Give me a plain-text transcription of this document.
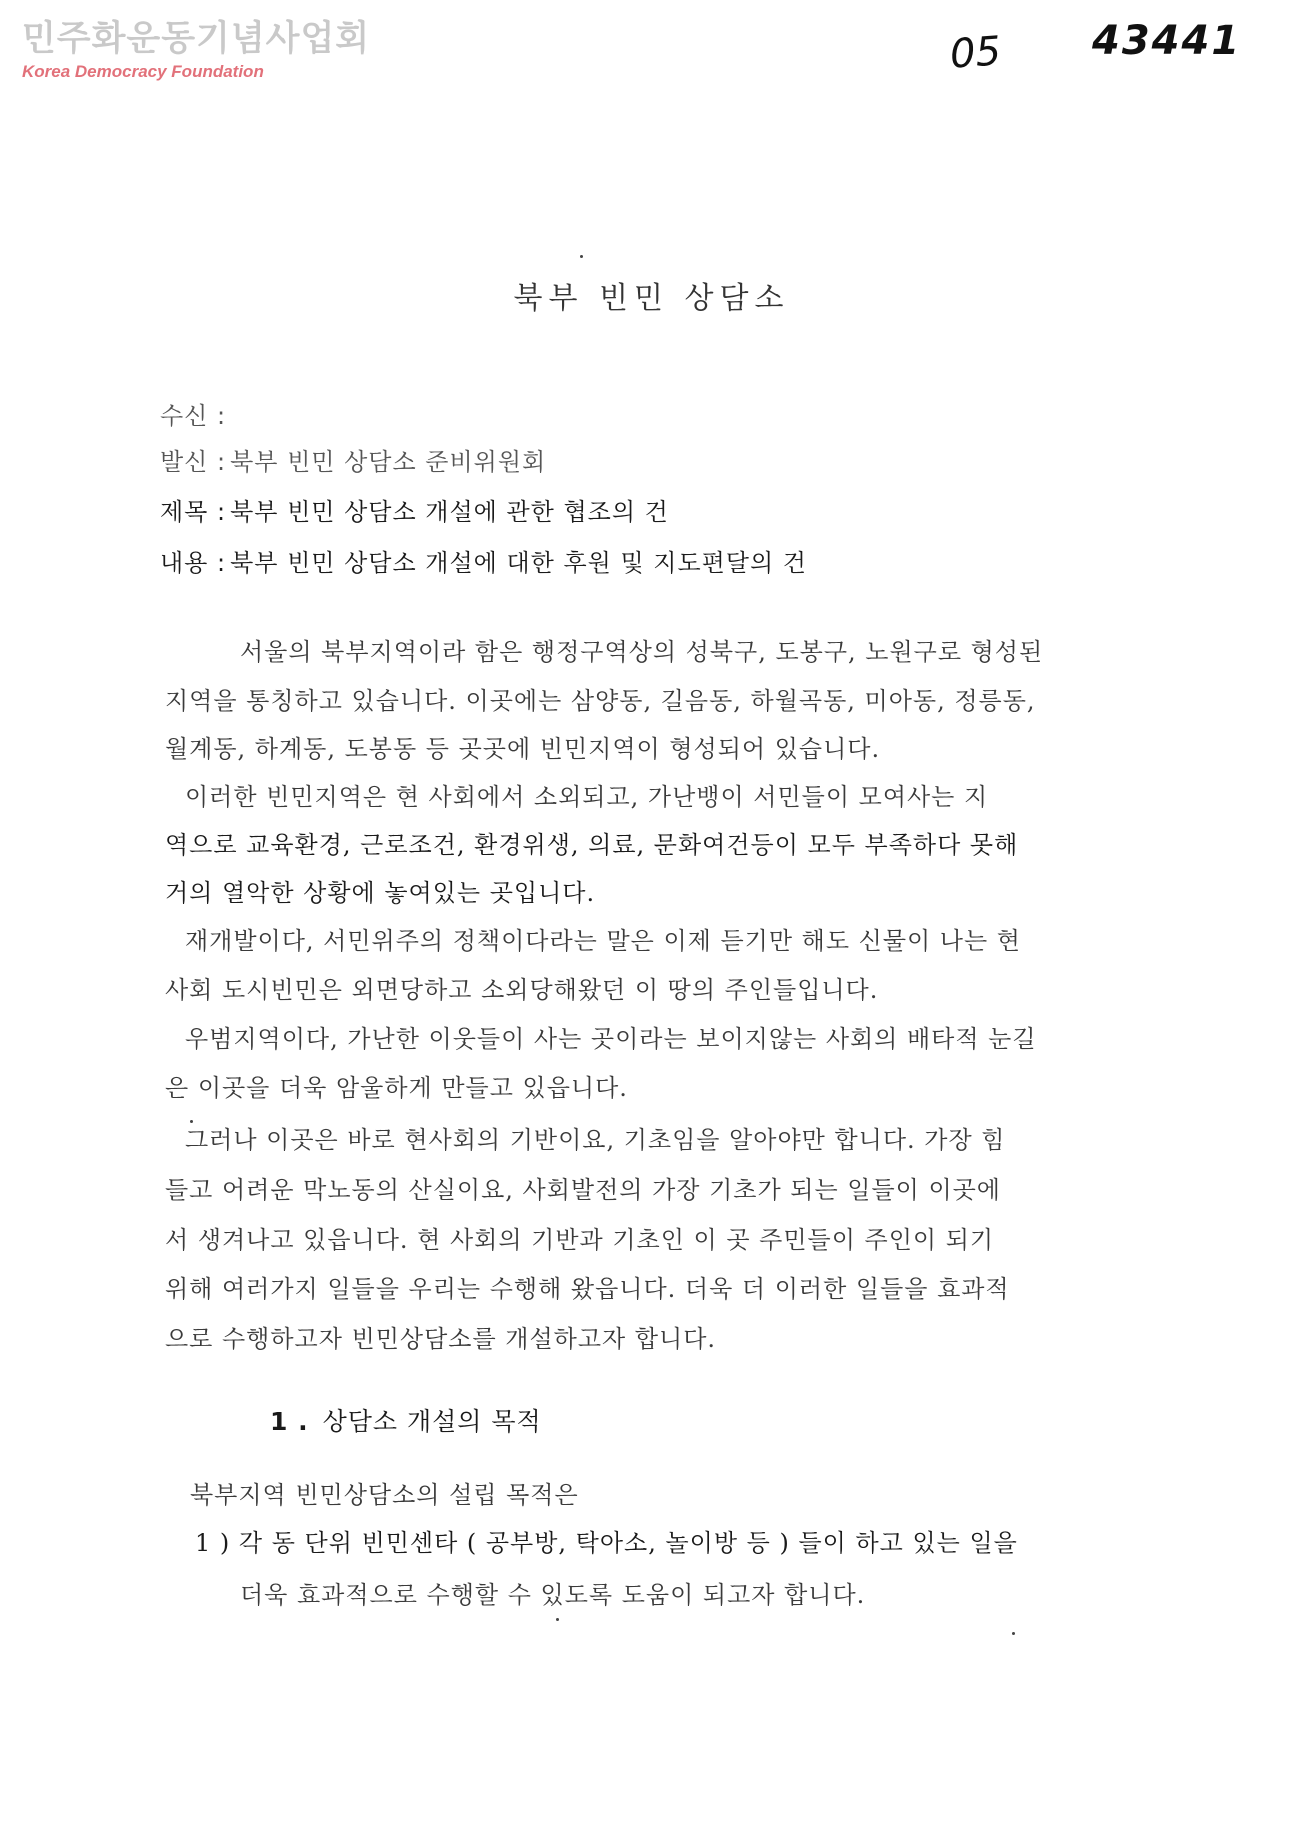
민주화운동기념사업회
Korea Democracy Foundation	05 43441
북부 빈민 상담소
수신 :
발신 : 북부 빈민 상담소 준비위원회
제목 : 북부 빈민 상담소 개설에 관한 협조의 건
내용 : 북부 빈민 상담소 개설에 대한 후원 및 지도편달의 건
서울의 북부지역이라 함은 행정구역상의 성북구, 도봉구, 노원구로 형성된
지역을 통칭하고 있습니다. 이곳에는 삼양동, 길음동, 하월곡동, 미아동, 정릉동,
월계동, 하계동, 도봉동 등 곳곳에 빈민지역이 형성되어 있습니다.
이러한 빈민지역은 현 사회에서 소외되고, 가난뱅이 서민들이 모여사는 지
역으로 교육환경, 근로조건, 환경위생, 의료, 문화여건등이 모두 부족하다 못해
거의 열악한 상황에 놓여있는 곳입니다.
재개발이다, 서민위주의 정책이다라는 말은 이제 듣기만 해도 신물이 나는 현
사회 도시빈민은 외면당하고 소외당해왔던 이 땅의 주인들입니다.
우범지역이다, 가난한 이웃들이 사는 곳이라는 보이지않는 사회의 배타적 눈길
은 이곳을 더욱 암울하게 만들고 있읍니다.
그러나 이곳은 바로 현사회의 기반이요, 기초임을 알아야만 합니다. 가장 힘
들고 어려운 막노동의 산실이요, 사회발전의 가장 기초가 되는 일들이 이곳에
서 생겨나고 있읍니다. 현 사회의 기반과 기초인 이 곳 주민들이 주인이 되기
위해 여러가지 일들을 우리는 수행해 왔읍니다. 더욱 더 이러한 일들을 효과적
으로 수행하고자 빈민상담소를 개설하고자 합니다.
1 . 상담소 개설의 목적
북부지역 빈민상담소의 설립 목적은
1 ) 각 동 단위 빈민센타 ( 공부방, 탁아소, 놀이방 등 ) 들이 하고 있는 일을
더욱 효과적으로 수행할 수 있도록 도움이 되고자 합니다.
